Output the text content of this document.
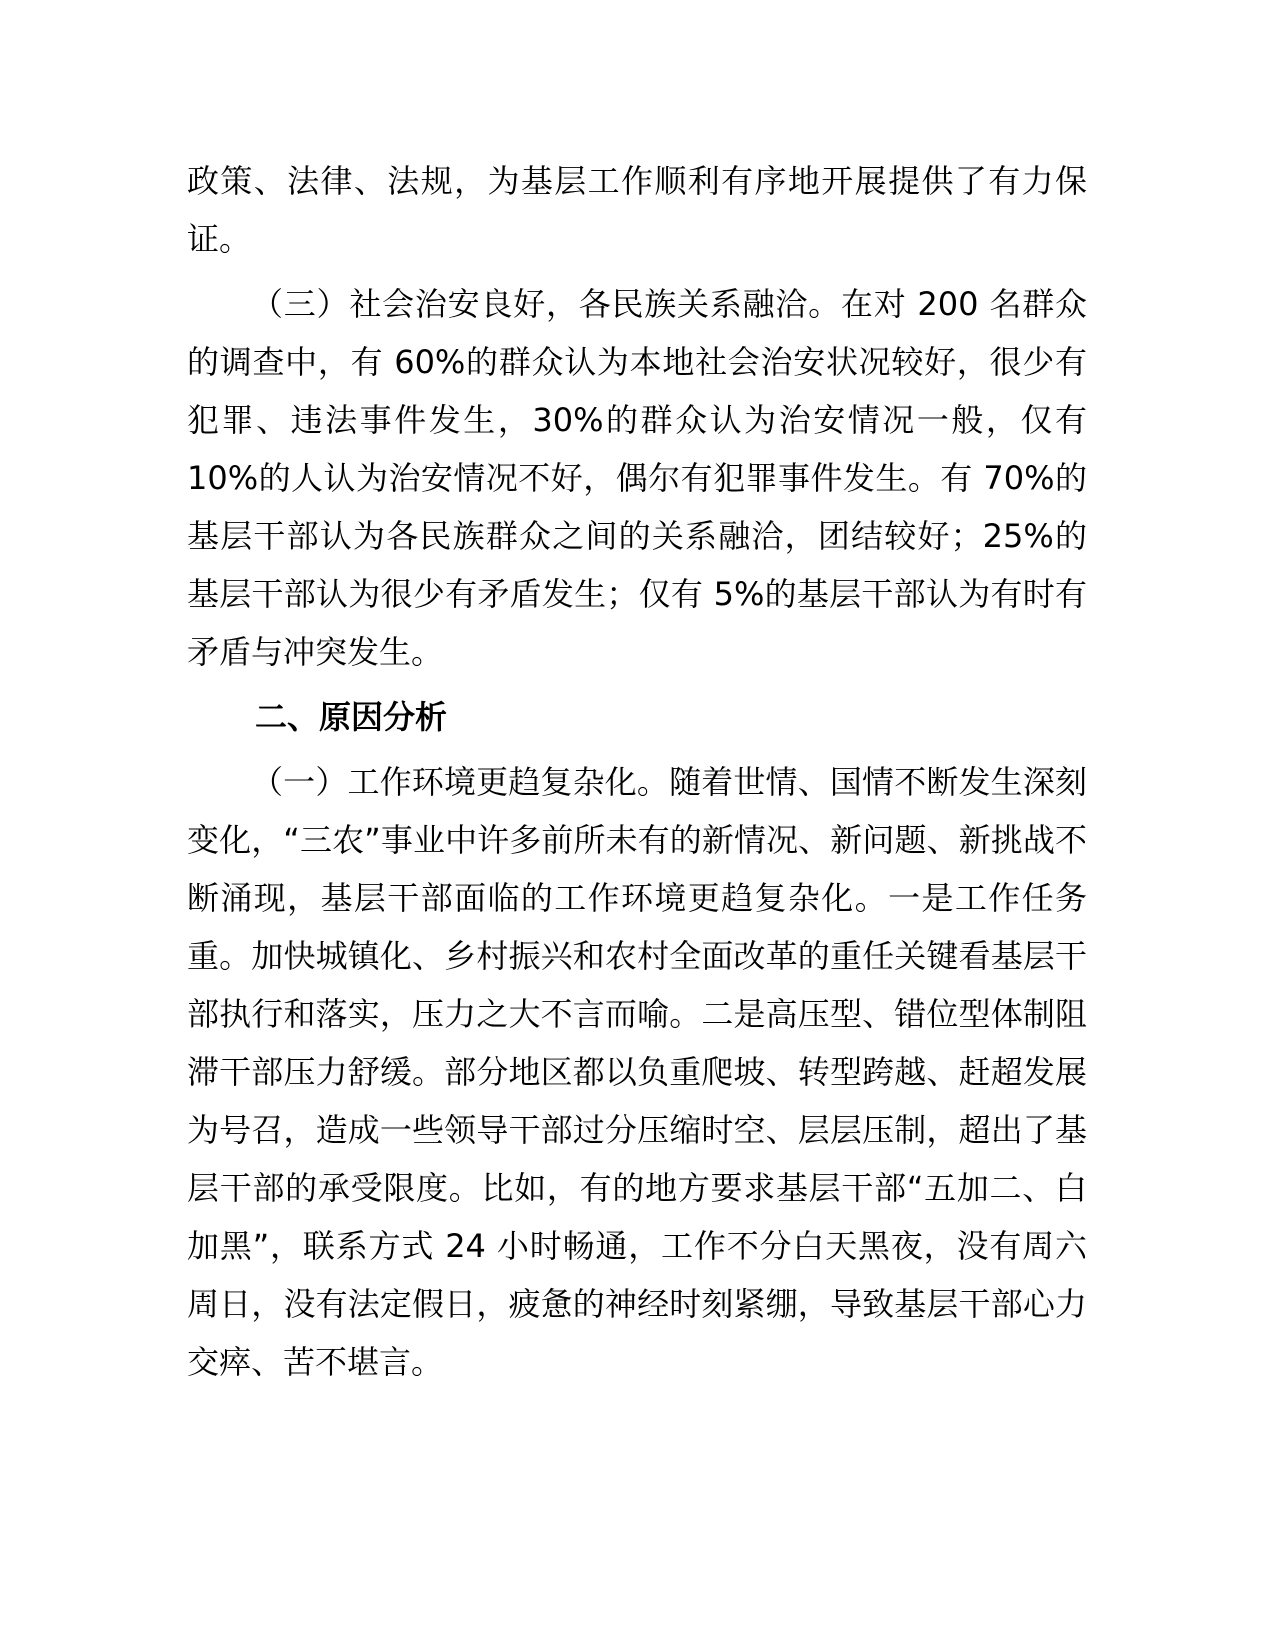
政策、法律、法规，为基层工作顺利有序地开展提供了有力保证。

（三）社会治安良好，各民族关系融洽。在对 200 名群众的调查中，有 60%的群众认为本地社会治安状况较好，很少有犯罪、违法事件发生，30%的群众认为治安情况一般，仅有 10%的人认为治安情况不好，偶尔有犯罪事件发生。有 70%的基层干部认为各民族群众之间的关系融洽，团结较好；25%的基层干部认为很少有矛盾发生；仅有 5%的基层干部认为有时有矛盾与冲突发生。

二、原因分析

（一）工作环境更趋复杂化。随着世情、国情不断发生深刻变化，“三农”事业中许多前所未有的新情况、新问题、新挑战不断涌现，基层干部面临的工作环境更趋复杂化。一是工作任务重。加快城镇化、乡村振兴和农村全面改革的重任关键看基层干部执行和落实，压力之大不言而喻。二是高压型、错位型体制阻滞干部压力舒缓。部分地区都以负重爬坡、转型跨越、赶超发展为号召，造成一些领导干部过分压缩时空、层层压制，超出了基层干部的承受限度。比如，有的地方要求基层干部“五加二、白加黑”，联系方式 24 小时畅通，工作不分白天黑夜，没有周六周日，没有法定假日，疲惫的神经时刻紧绷，导致基层干部心力交瘁、苦不堪言。
